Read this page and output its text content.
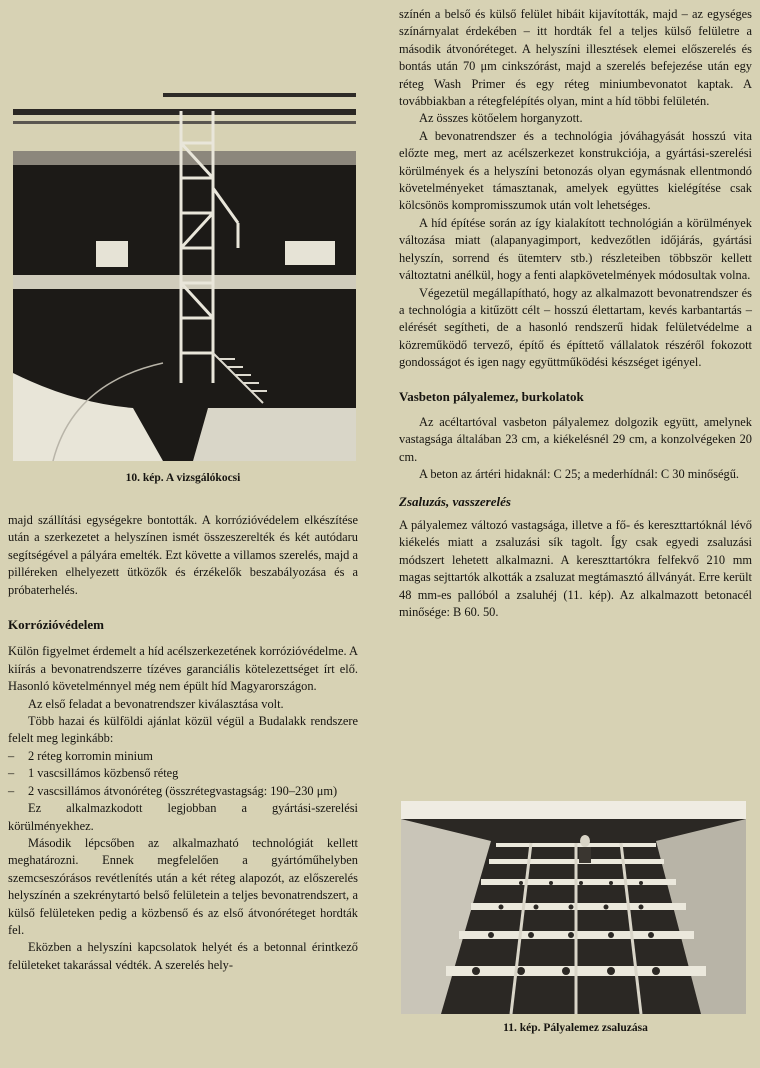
10. kép. A vizsgálókocsi

majd szállítási egységekre bontották. A korrózióvédelem elkészítése után a szerkezetet a helyszínen ismét összeszerelték és két autódaru segítségével a pályára emelték. Ezt követte a villamos szerelés, majd a pilléreken elhelyezett ütközők és érzékelők beszabályozása és a próbaterhelés.

Korrózióvédelem

Külön figyelmet érdemelt a híd acélszerkezetének korrózióvédelme. A kiírás a bevonatrendszerre tízéves garanciális kötelezettséget írt elő. Hasonló követelménnyel még nem épült híd Magyarországon.

Az első feladat a bevonatrendszer kiválasztása volt.

Több hazai és külföldi ajánlat közül végül a Budalakk rendszere felelt meg leginkább:

– 2 réteg korromin minium

– 1 vascsillámos közbenső réteg

– 2 vascsillámos átvonóréteg (összrétegvastagság: 190–230 μm)

Ez alkalmazkodott legjobban a gyártási-szerelési körülményekhez.

Második lépcsőben az alkalmazható technológiát kellett meghatározni. Ennek megfelelően a gyártóműhelyben szemcseszórásos revétlenítés után a két réteg alapozót, az előszerelés helyszínén a szekrénytartó belső felületein a teljes bevonatrendszert, a külső felületeken pedig a közbenső és az első átvonóréteget hordták fel.

Eközben a helyszíni kapcsolatok helyét és a betonnal érintkező felületeket takarással védték. A szerelés hely-

színén a belső és külső felület hibáit kijavították, majd – az egységes színárnyalat érdekében – itt hordták fel a teljes külső felületre a második átvonóréteget. A helyszíni illesztések elemei előszerelés és bontás után 70 μm cinkszórást, majd a szerelés befejezése után egy réteg Wash Primer és egy réteg miniumbevonatot kaptak. A továbbiakban a rétegfelépítés olyan, mint a híd többi felületén.

Az összes kötőelem horganyzott.

A bevonatrendszer és a technológia jóváhagyását hosszú vita előzte meg, mert az acélszerkezet konstrukciója, a gyártási-szerelési körülmények és a helyszíni betonozás olyan egymásnak ellentmondó követelményeket támasztanak, amelyek együttes kielégítése csak kölcsönös kompromisszumok után volt lehetséges.

A híd építése során az így kialakított technológián a körülmények változása miatt (alapanyagimport, kedvezőtlen időjárás, gyártási helyszín, sorrend és ütemterv stb.) részleteiben többször kellett változtatni anélkül, hogy a fenti alapkövetelmények módosultak volna.

Végezetül megállapítható, hogy az alkalmazott bevonatrendszer és a technológia a kitűzött célt – hosszú élettartam, kevés karbantartás – elérését segítheti, de a hasonló rendszerű hidak felületvédelme a közreműködő tervező, építő és építtető vállalatok részéről fokozott gondosságot és igen nagy együttműködési készséget igényel.

Vasbeton pályalemez, burkolatok

Az acéltartóval vasbeton pályalemez dolgozik együtt, amelynek vastagsága általában 23 cm, a kiékelésnél 29 cm, a konzolvégeken 20 cm.

A beton az ártéri hidaknál: C 25; a mederhídnál: C 30 minőségű.

Zsaluzás, vasszerelés

A pályalemez változó vastagsága, illetve a fő- és kereszttartóknál lévő kiékelés miatt a zsaluzási sík tagolt. Így csak egyedi zsaluzási módszert lehetett alkalmazni. A kereszttartókra felfekvő 210 mm magas sejttartók alkották a zsaluzat megtámasztó állványát. Erre került 48 mm-es pallóból a zsaluhéj (11. kép). Az alkalmazott betonacél minősége: B 60. 50.

11. kép. Pályalemez zsaluzása
